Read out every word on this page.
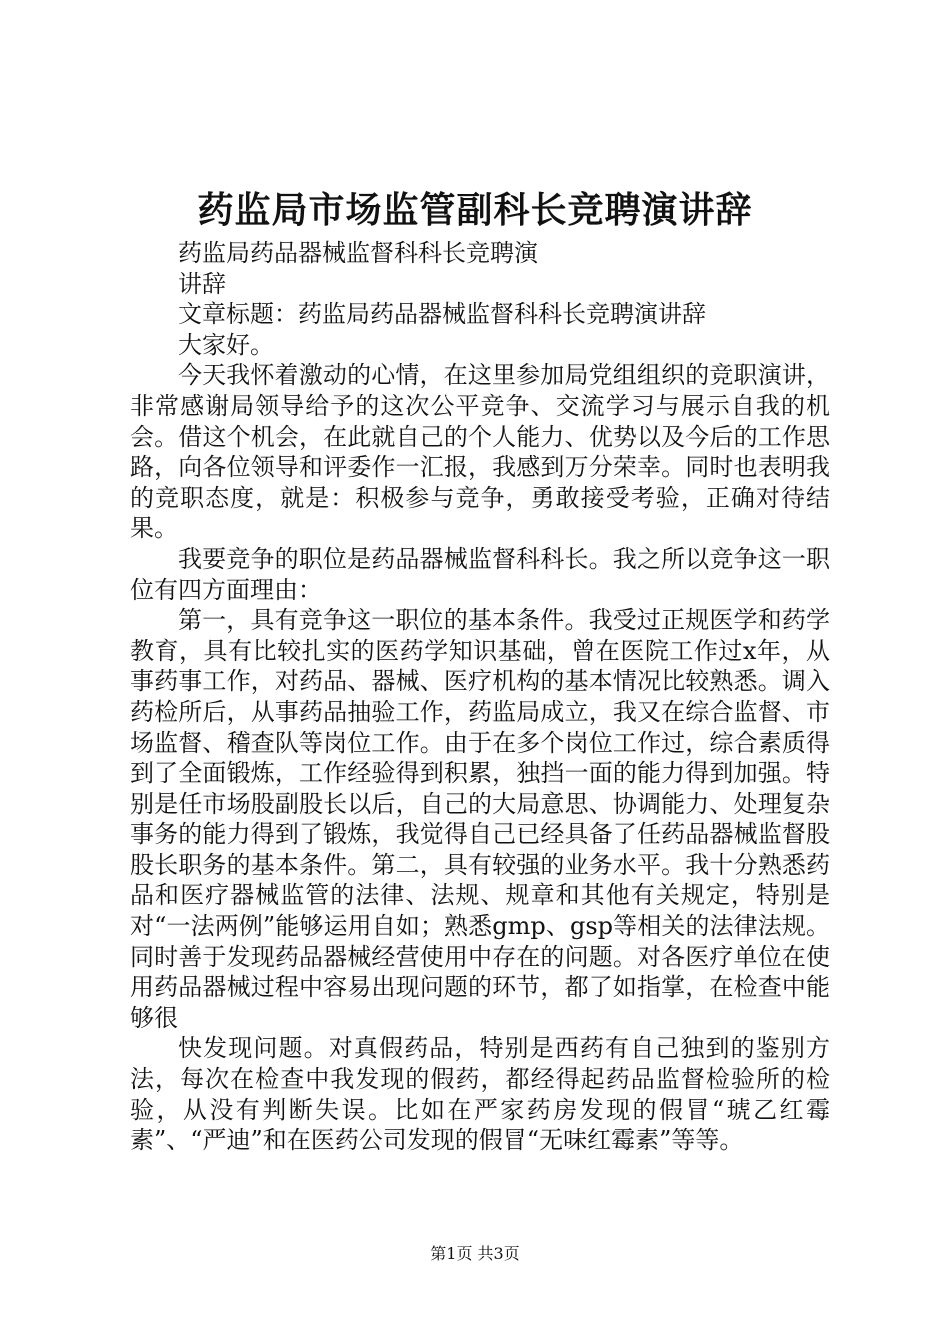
药监局市场监管副科长竞聘演讲辞

药监局药品器械监督科科长竞聘演

讲辞

文章标题：药监局药品器械监督科科长竞聘演讲辞

大家好。

今天我怀着激动的心情，在这里参加局党组组织的竞职演讲，非常感谢局领导给予的这次公平竞争、交流学习与展示自我的机会。借这个机会，在此就自己的个人能力、优势以及今后的工作思路，向各位领导和评委作一汇报，我感到万分荣幸。同时也表明我的竞职态度，就是：积极参与竞争，勇敢接受考验，正确对待结果。

我要竞争的职位是药品器械监督科科长。我之所以竞争这一职位有四方面理由：

第一，具有竞争这一职位的基本条件。我受过正规医学和药学教育，具有比较扎实的医药学知识基础，曾在医院工作过x年，从事药事工作，对药品、器械、医疗机构的基本情况比较熟悉。调入药检所后，从事药品抽验工作，药监局成立，我又在综合监督、市场监督、稽查队等岗位工作。由于在多个岗位工作过，综合素质得到了全面锻炼，工作经验得到积累，独挡一面的能力得到加强。特别是任市场股副股长以后，自己的大局意思、协调能力、处理复杂事务的能力得到了锻炼，我觉得自己已经具备了任药品器械监督股股长职务的基本条件。第二，具有较强的业务水平。我十分熟悉药品和医疗器械监管的法律、法规、规章和其他有关规定，特别是对“一法两例”能够运用自如；熟悉gmp、gsp等相关的法律法规。同时善于发现药品器械经营使用中存在的问题。对各医疗单位在使用药品器械过程中容易出现问题的环节，都了如指掌，在检查中能够很

快发现问题。对真假药品，特别是西药有自己独到的鉴别方法，每次在检查中我发现的假药，都经得起药品监督检验所的检验，从没有判断失误。比如在严家药房发现的假冒“琥乙红霉素”、“严迪”和在医药公司发现的假冒“无味红霉素”等等。

第1页 共3页
